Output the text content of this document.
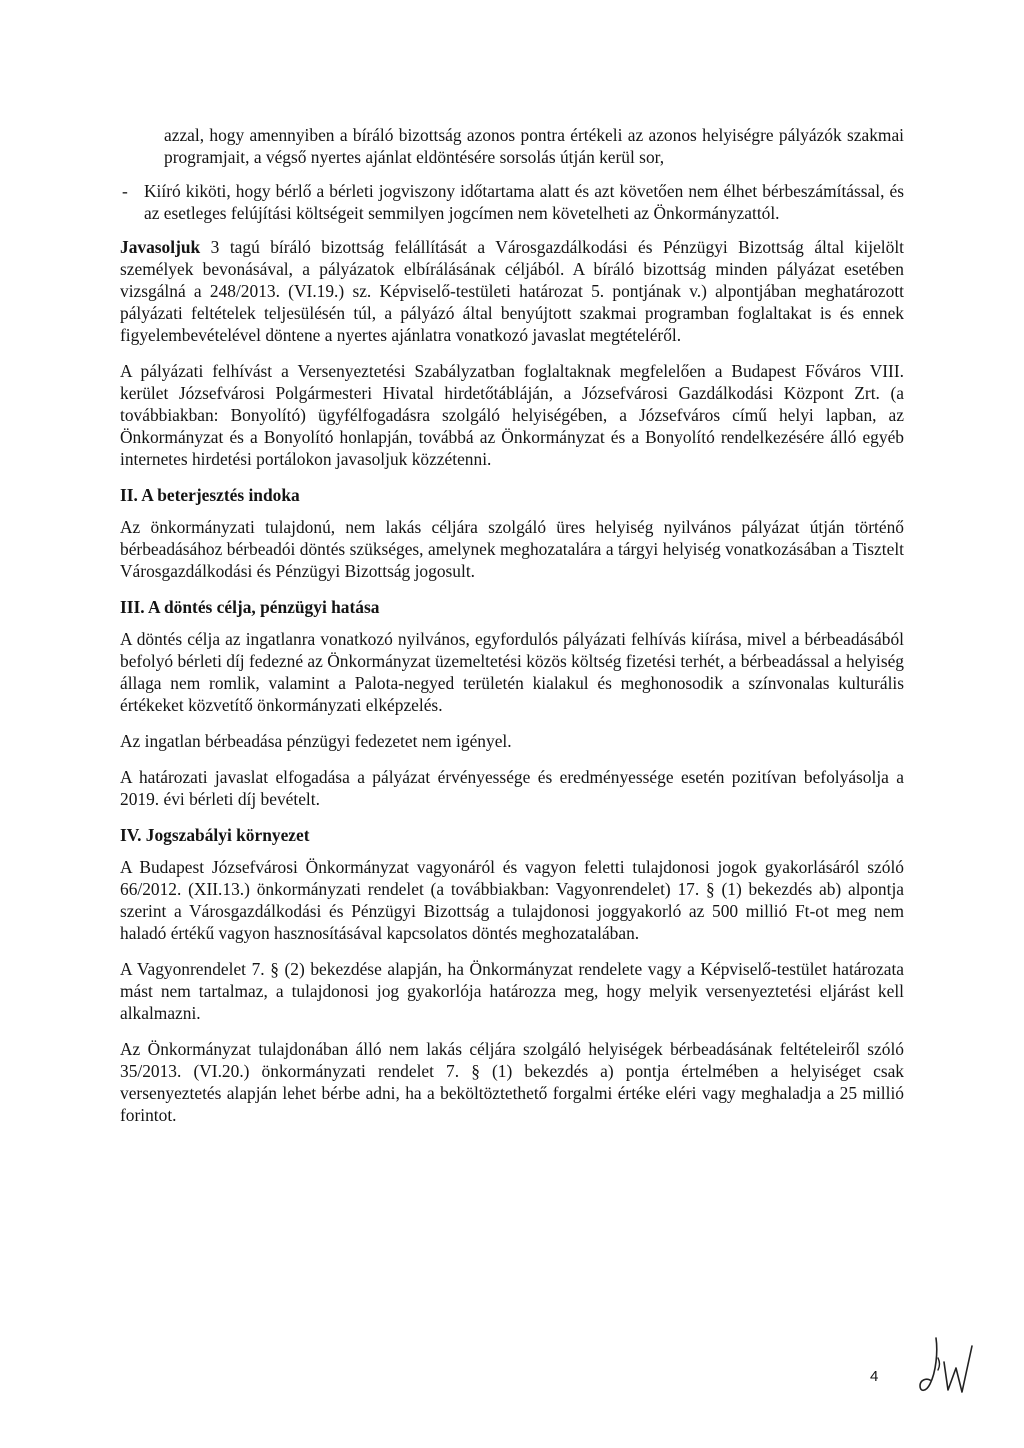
azzal, hogy amennyiben a bíráló bizottság azonos pontra értékeli az azonos helyiségre pályázók szakmai programjait, a végső nyertes ajánlat eldöntésére sorsolás útján kerül sor,

- Kiíró kiköti, hogy bérlő a bérleti jogviszony időtartama alatt és azt követően nem élhet bérbeszámítással, és az esetleges felújítási költségeit semmilyen jogcímen nem követelheti az Önkormányzattól.

Javasoljuk 3 tagú bíráló bizottság felállítását a Városgazdálkodási és Pénzügyi Bizottság által kijelölt személyek bevonásával, a pályázatok elbírálásának céljából. A bíráló bizottság minden pályázat esetében vizsgálná a 248/2013. (VI.19.) sz. Képviselő-testületi határozat 5. pontjának v.) alpontjában meghatározott pályázati feltételek teljesülésén túl, a pályázó által benyújtott szakmai programban foglaltakat is és ennek figyelembevételével döntene a nyertes ajánlatra vonatkozó javaslat megtételéről.

A pályázati felhívást a Versenyeztetési Szabályzatban foglaltaknak megfelelően a Budapest Főváros VIII. kerület Józsefvárosi Polgármesteri Hivatal hirdetőtábláján, a Józsefvárosi Gazdálkodási Központ Zrt. (a továbbiakban: Bonyolító) ügyfélfogadásra szolgáló helyiségében, a Józsefváros című helyi lapban, az Önkormányzat és a Bonyolító honlapján, továbbá az Önkormányzat és a Bonyolító rendelkezésére álló egyéb internetes hirdetési portálokon javasoljuk közzétenni.

II. A beterjesztés indoka

Az önkormányzati tulajdonú, nem lakás céljára szolgáló üres helyiség nyilvános pályázat útján történő bérbeadásához bérbeadói döntés szükséges, amelynek meghozatalára a tárgyi helyiség vonatkozásában a Tisztelt Városgazdálkodási és Pénzügyi Bizottság jogosult.

III. A döntés célja, pénzügyi hatása

A döntés célja az ingatlanra vonatkozó nyilvános, egyfordulós pályázati felhívás kiírása, mivel a bérbeadásából befolyó bérleti díj fedezné az Önkormányzat üzemeltetési közös költség fizetési terhét, a bérbeadással a helyiség állaga nem romlik, valamint a Palota-negyed területén kialakul és meghonosodik a színvonalas kulturális értékeket közvetítő önkormányzati elképzelés.

Az ingatlan bérbeadása pénzügyi fedezetet nem igényel.

A határozati javaslat elfogadása a pályázat érvényessége és eredményessége esetén pozitívan befolyásolja a 2019. évi bérleti díj bevételt.

IV. Jogszabályi környezet

A Budapest Józsefvárosi Önkormányzat vagyonáról és vagyon feletti tulajdonosi jogok gyakorlásáról szóló 66/2012. (XII.13.) önkormányzati rendelet (a továbbiakban: Vagyonrendelet) 17. § (1) bekezdés ab) alpontja szerint a Városgazdálkodási és Pénzügyi Bizottság a tulajdonosi joggyakorló az 500 millió Ft-ot meg nem haladó értékű vagyon hasznosításával kapcsolatos döntés meghozatalában.

A Vagyonrendelet 7. § (2) bekezdése alapján, ha Önkormányzat rendelete vagy a Képviselő-testület határozata mást nem tartalmaz, a tulajdonosi jog gyakorlója határozza meg, hogy melyik versenyeztetési eljárást kell alkalmazni.

Az Önkormányzat tulajdonában álló nem lakás céljára szolgáló helyiségek bérbeadásának feltételeiről szóló 35/2013. (VI.20.) önkormányzati rendelet 7. § (1) bekezdés a) pontja értelmében a helyiséget csak versenyeztetés alapján lehet bérbe adni, ha a beköltöztethető forgalmi értéke eléri vagy meghaladja a 25 millió forintot.

4
